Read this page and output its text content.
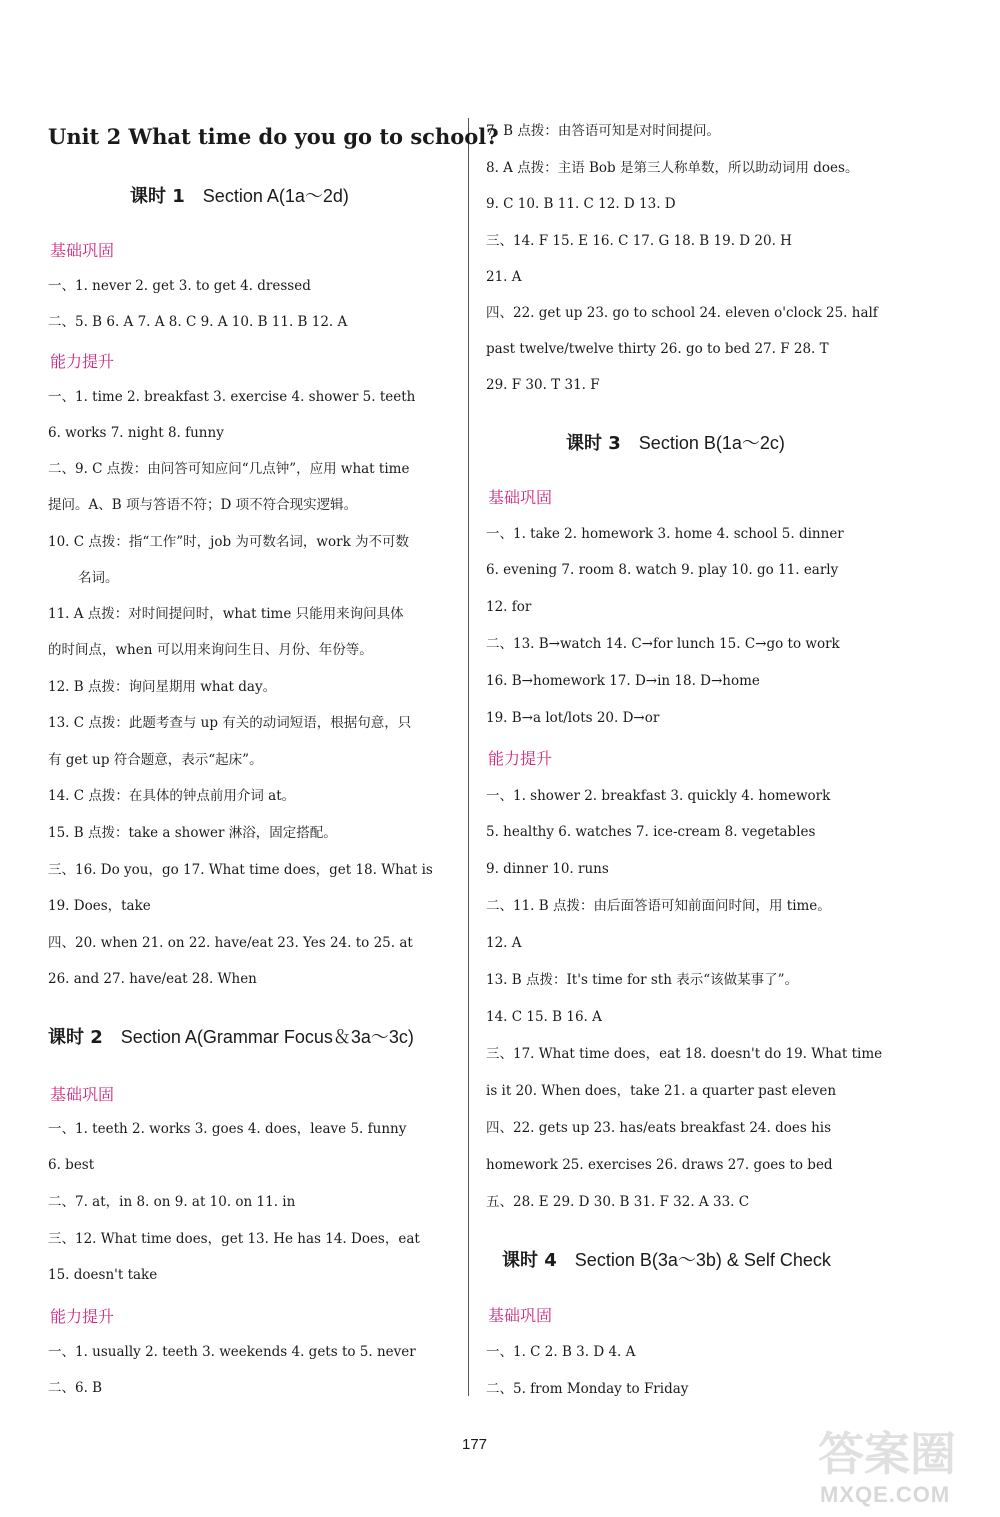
Unit 2 What time do you go to school?
课时 1 Section A(1a～2d)
基础巩固
一、1. never 2. get 3. to get 4. dressed
二、5. B 6. A 7. A 8. C 9. A 10. B 11. B 12. A
能力提升
一、1. time 2. breakfast 3. exercise 4. shower 5. teeth
6. works 7. night 8. funny
二、9. C 点拨：由问答可知应问“几点钟”，应用 what time
提问。A、B 项与答语不符；D 项不符合现实逻辑。
10. C 点拨：指“工作”时，job 为可数名词，work 为不可数
名词。
11. A 点拨：对时间提问时，what time 只能用来询问具体
的时间点，when 可以用来询问生日、月份、年份等。
12. B 点拨：询问星期用 what day。
13. C 点拨：此题考查与 up 有关的动词短语，根据句意，只
有 get up 符合题意，表示“起床”。
14. C 点拨：在具体的钟点前用介词 at。
15. B 点拨：take a shower 淋浴，固定搭配。
三、16. Do you，go 17. What time does，get 18. What is
19. Does，take
四、20. when 21. on 22. have/eat 23. Yes 24. to 25. at
26. and 27. have/eat 28. When
课时 2 Section A(Grammar Focus＆3a～3c)
基础巩固
一、1. teeth 2. works 3. goes 4. does，leave 5. funny
6. best
二、7. at，in 8. on 9. at 10. on 11. in
三、12. What time does，get 13. He has 14. Does，eat
15. doesn't take
能力提升
一、1. usually 2. teeth 3. weekends 4. gets to 5. never
二、6. B
7. B 点拨：由答语可知是对时间提问。
8. A 点拨：主语 Bob 是第三人称单数，所以助动词用 does。
9. C 10. B 11. C 12. D 13. D
三、14. F 15. E 16. C 17. G 18. B 19. D 20. H
21. A
四、22. get up 23. go to school 24. eleven o'clock 25. half
past twelve/twelve thirty 26. go to bed 27. F 28. T
29. F 30. T 31. F
课时 3 Section B(1a～2c)
基础巩固
一、1. take 2. homework 3. home 4. school 5. dinner
6. evening 7. room 8. watch 9. play 10. go 11. early
12. for
二、13. B→watch 14. C→for lunch 15. C→go to work
16. B→homework 17. D→in 18. D→home
19. B→a lot/lots 20. D→or
能力提升
一、1. shower 2. breakfast 3. quickly 4. homework
5. healthy 6. watches 7. ice-cream 8. vegetables
9. dinner 10. runs
二、11. B 点拨：由后面答语可知前面问时间，用 time。
12. A
13. B 点拨：It's time for sth 表示“该做某事了”。
14. C 15. B 16. A
三、17. What time does，eat 18. doesn't do 19. What time
is it 20. When does，take 21. a quarter past eleven
四、22. gets up 23. has/eats breakfast 24. does his
homework 25. exercises 26. draws 27. goes to bed
五、28. E 29. D 30. B 31. F 32. A 33. C
课时 4 Section B(3a～3b) & Self Check
基础巩固
一、1. C 2. B 3. D 4. A
二、5. from Monday to Friday
177	答案圈
MXQE.COM
